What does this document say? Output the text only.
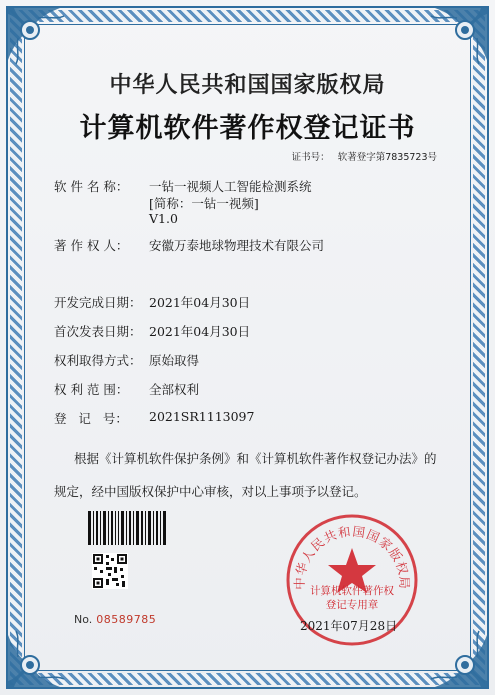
中华人民共和国国家版权局
计算机软件著作权登记证书
证书号： 软著登字第7835723号
软 件 名 称：	一钻一视频人工智能检测系统
[简称：一钻一视频]
V1.0
著 作 权 人：	安徽万泰地球物理技术有限公司
开发完成日期： 2021年04月30日
首次发表日期： 2021年04月30日
权利取得方式： 原始取得
权 利 范 围：	全部权利
登   记   号：	2021SR1113097
根据《计算机软件保护条例》和《计算机软件著作权登记办法》的
规定，经中国版权保护中心审核，对以上事项予以登记。
No. 08589785
中华人民共和国国家版权局
计算机软件著作权
登记专用章
2021年07月28日
